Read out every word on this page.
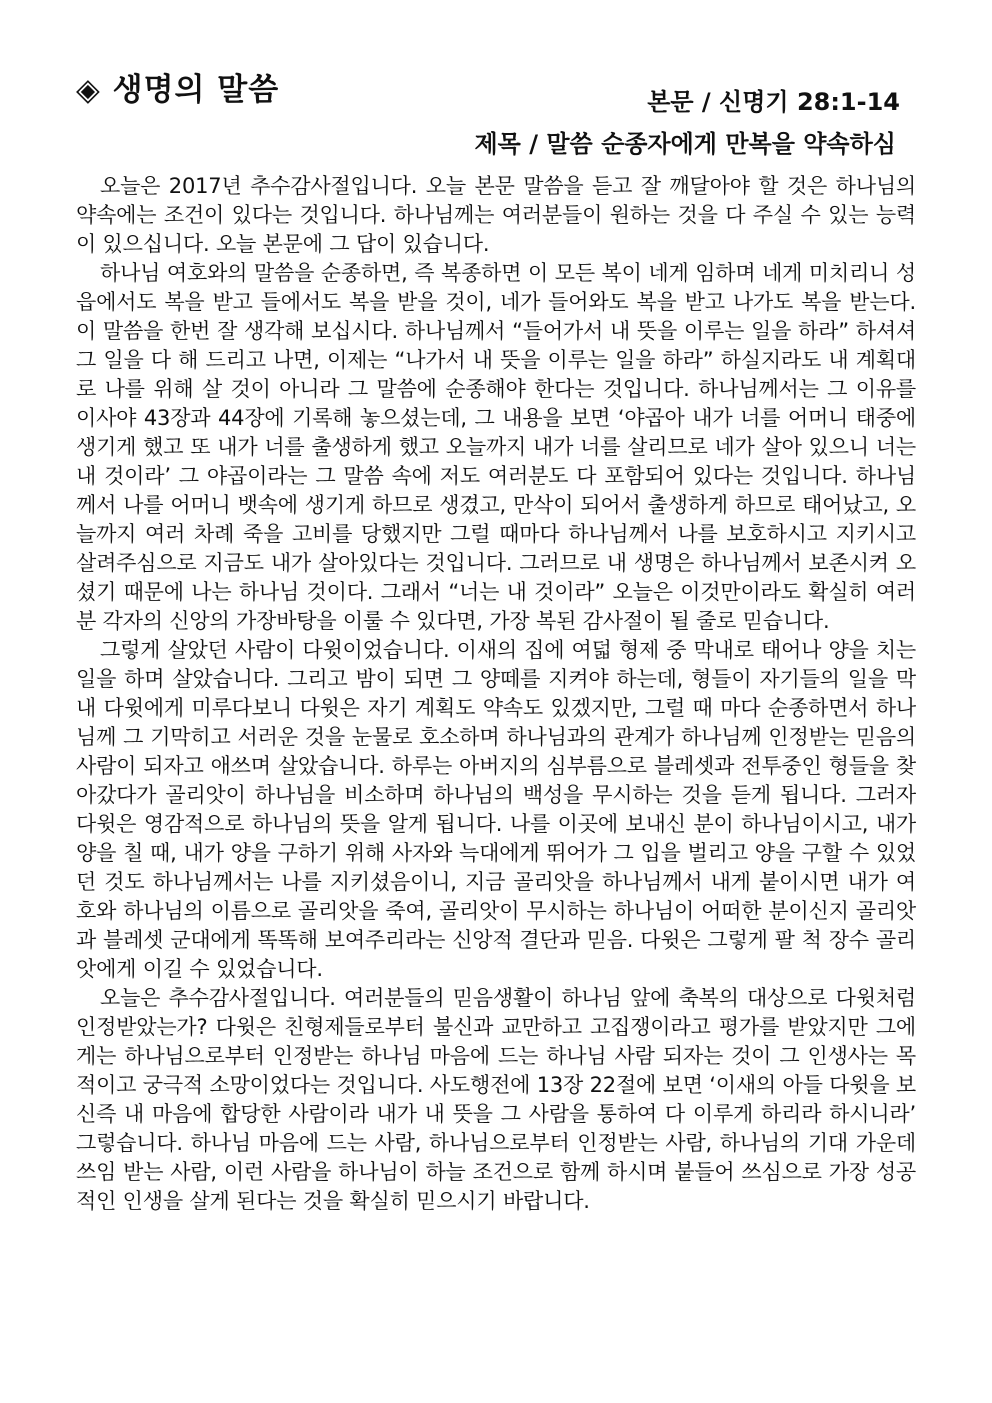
◈ 생명의 말씀	본문 / 신명기 28:1-14
제목 / 말씀 순종자에게 만복을 약속하심

오늘은 2017년 추수감사절입니다. 오늘 본문 말씀을 듣고 잘 깨달아야 할 것은 하나님의 약속에는 조건이 있다는 것입니다. 하나님께는 여러분들이 원하는 것을 다 주실 수 있는 능력이 있으십니다. 오늘 본문에 그 답이 있습니다.

하나님 여호와의 말씀을 순종하면, 즉 복종하면 이 모든 복이 네게 임하며 네게 미치리니 성읍에서도 복을 받고 들에서도 복을 받을 것이, 네가 들어와도 복을 받고 나가도 복을 받는다. 이 말씀을 한번 잘 생각해 보십시다. 하나님께서 “들어가서 내 뜻을 이루는 일을 하라” 하셔셔 그 일을 다 해 드리고 나면, 이제는 “나가서 내 뜻을 이루는 일을 하라” 하실지라도 내 계획대로 나를 위해 살 것이 아니라 그 말씀에 순종해야 한다는 것입니다. 하나님께서는 그 이유를 이사야 43장과 44장에 기록해 놓으셨는데, 그 내용을 보면 ‘야곱아 내가 너를 어머니 태중에 생기게 했고 또 내가 너를 출생하게 했고 오늘까지 내가 너를 살리므로 네가 살아 있으니 너는 내 것이라’ 그 야곱이라는 그 말씀 속에 저도 여러분도 다 포함되어 있다는 것입니다. 하나님께서 나를 어머니 뱃속에 생기게 하므로 생겼고, 만삭이 되어서 출생하게 하므로 태어났고, 오늘까지 여러 차례 죽을 고비를 당했지만 그럴 때마다 하나님께서 나를 보호하시고 지키시고 살려주심으로 지금도 내가 살아있다는 것입니다. 그러므로 내 생명은 하나님께서 보존시켜 오셨기 때문에 나는 하나님 것이다. 그래서 “너는 내 것이라” 오늘은 이것만이라도 확실히 여러분 각자의 신앙의 가장바탕을 이룰 수 있다면, 가장 복된 감사절이 될 줄로 믿습니다.

그렇게 살았던 사람이 다윗이었습니다. 이새의 집에 여덟 형제 중 막내로 태어나 양을 치는 일을 하며 살았습니다. 그리고 밤이 되면 그 양떼를 지켜야 하는데, 형들이 자기들의 일을 막내 다윗에게 미루다보니 다윗은 자기 계획도 약속도 있겠지만, 그럴 때 마다 순종하면서 하나님께 그 기막히고 서러운 것을 눈물로 호소하며 하나님과의 관계가 하나님께 인정받는 믿음의 사람이 되자고 애쓰며 살았습니다. 하루는 아버지의 심부름으로 블레셋과 전투중인 형들을 찾아갔다가 골리앗이 하나님을 비소하며 하나님의 백성을 무시하는 것을 듣게 됩니다. 그러자 다윗은 영감적으로 하나님의 뜻을 알게 됩니다. 나를 이곳에 보내신 분이 하나님이시고, 내가 양을 칠 때, 내가 양을 구하기 위해 사자와 늑대에게 뛰어가 그 입을 벌리고 양을 구할 수 있었던 것도 하나님께서는 나를 지키셨음이니, 지금 골리앗을 하나님께서 내게 붙이시면 내가 여호와 하나님의 이름으로 골리앗을 죽여, 골리앗이 무시하는 하나님이 어떠한 분이신지 골리앗과 블레셋 군대에게 똑똑해 보여주리라는 신앙적 결단과 믿음. 다윗은 그렇게 팔 척 장수 골리앗에게 이길 수 있었습니다.

오늘은 추수감사절입니다. 여러분들의 믿음생활이 하나님 앞에 축복의 대상으로 다윗처럼 인정받았는가? 다윗은 친형제들로부터 불신과 교만하고 고집쟁이라고 평가를 받았지만 그에게는 하나님으로부터 인정받는 하나님 마음에 드는 하나님 사람 되자는 것이 그 인생사는 목적이고 궁극적 소망이었다는 것입니다. 사도행전에 13장 22절에 보면 ‘이새의 아들 다윗을 보신즉 내 마음에 합당한 사람이라 내가 내 뜻을 그 사람을 통하여 다 이루게 하리라 하시니라’ 그렇습니다. 하나님 마음에 드는 사람, 하나님으로부터 인정받는 사람, 하나님의 기대 가운데 쓰임 받는 사람, 이런 사람을 하나님이 하늘 조건으로 함께 하시며 붙들어 쓰심으로 가장 성공적인 인생을 살게 된다는 것을 확실히 믿으시기 바랍니다.
